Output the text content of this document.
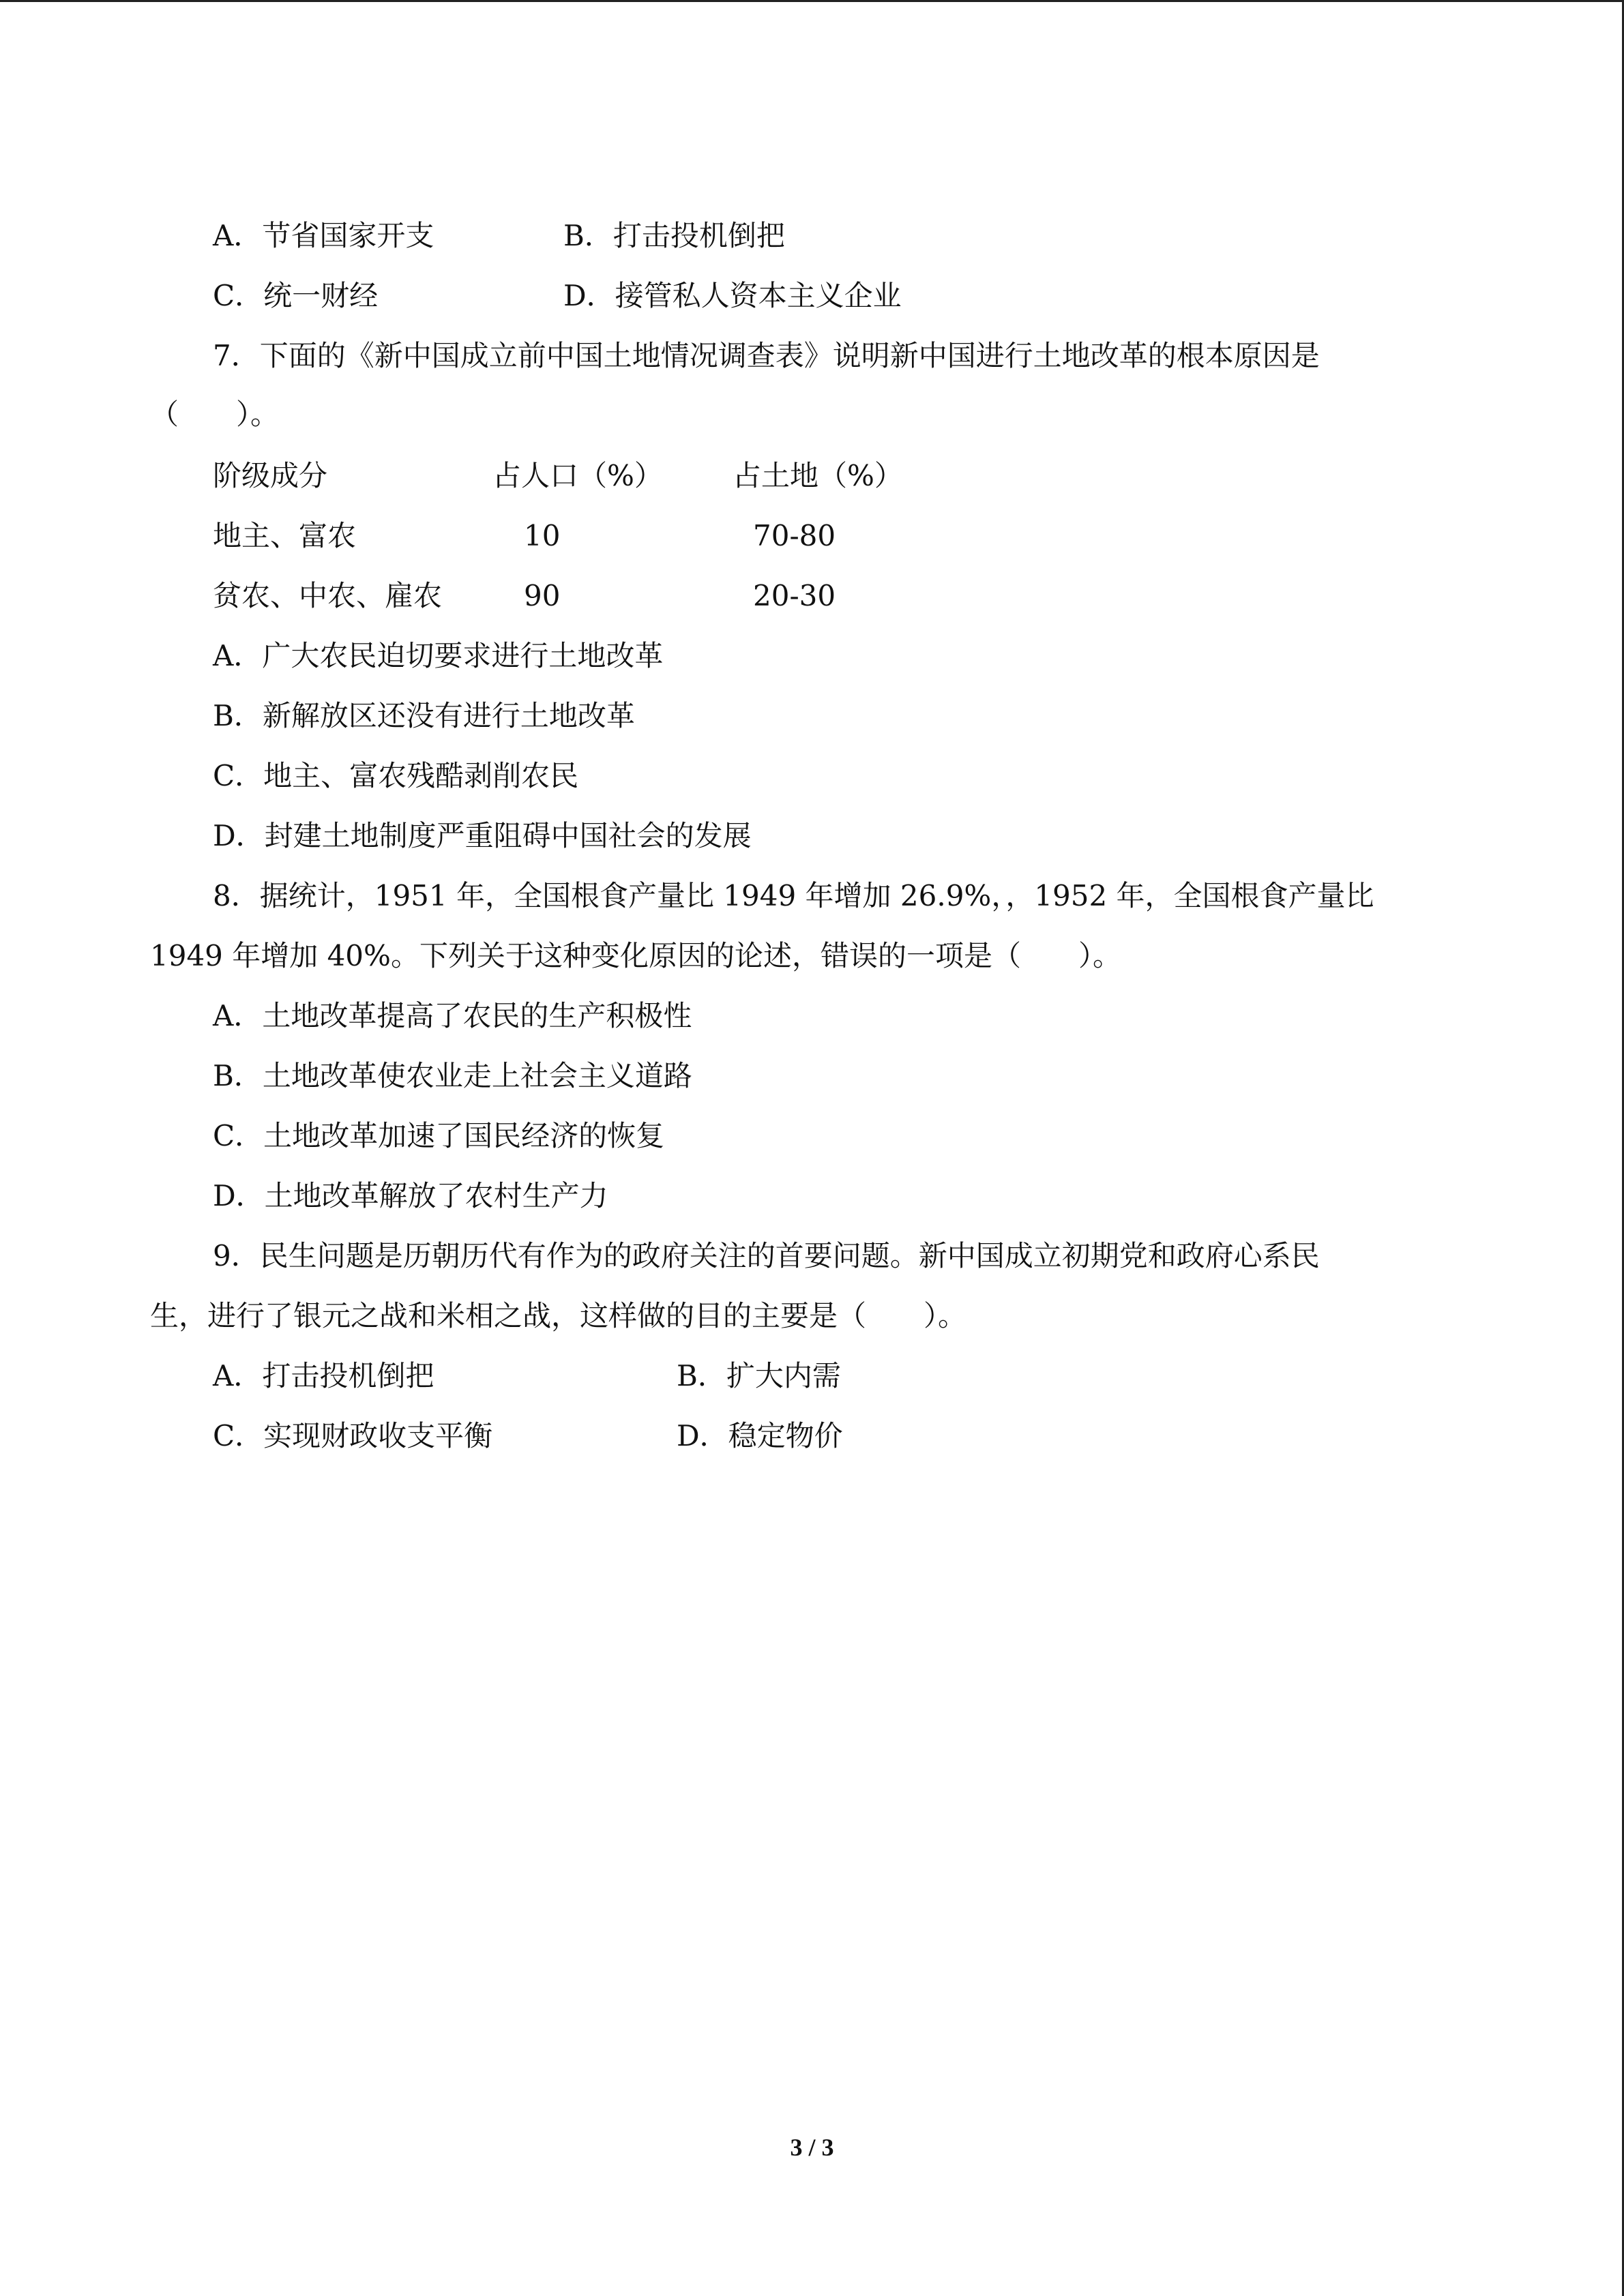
A．节省国家开支	B．打击投机倒把
C．统一财经	D．接管私人资本主义企业
7．下面的《新中国成立前中国土地情况调查表》说明新中国进行土地改革的根本原因是
（　　）。
阶级成分	占人口（%） 占土地（%）
地主、富农	10	70-80
贫农、中农、雇农	90	20-30
A．广大农民迫切要求进行土地改革
B．新解放区还没有进行土地改革
C．地主、富农残酷剥削农民
D．封建土地制度严重阻碍中国社会的发展
8．据统计，1951 年，全国根食产量比 1949 年增加 26.9%，，1952 年，全国根食产量比
1949 年增加 40%。下列关于这种变化原因的论述，错误的一项是（　　）。
A．土地改革提高了农民的生产积极性
B．土地改革使农业走上社会主义道路
C．土地改革加速了国民经济的恢复
D．土地改革解放了农村生产力
9．民生问题是历朝历代有作为的政府关注的首要问题。新中国成立初期党和政府心系民
生，进行了银元之战和米相之战，这样做的目的主要是（　　）。
A．打击投机倒把	B．扩大内需
C．实现财政收支平衡	D．稳定物价
3 / 3
